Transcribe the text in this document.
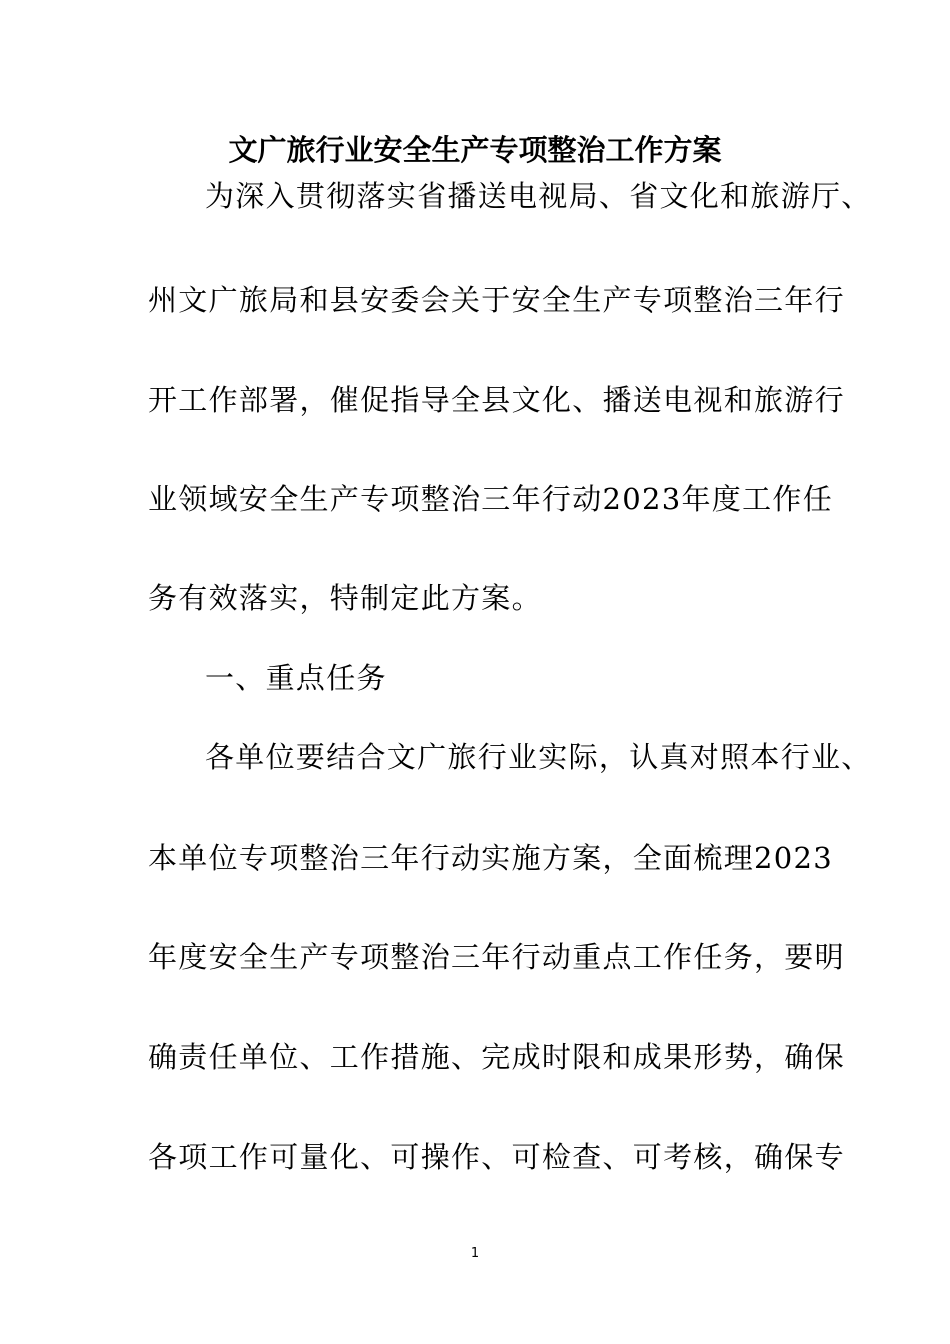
文广旅行业安全生产专项整治工作方案

为深入贯彻落实省播送电视局、省文化和旅游厅、

州文广旅局和县安委会关于安全生产专项整治三年行

开工作部署，催促指导全县文化、播送电视和旅游行

业领域安全生产专项整治三年行动2023年度工作任

务有效落实，特制定此方案。

一、重点任务

各单位要结合文广旅行业实际，认真对照本行业、

本单位专项整治三年行动实施方案，全面梳理2023

年度安全生产专项整治三年行动重点工作任务，要明

确责任单位、工作措施、完成时限和成果形势，确保

各项工作可量化、可操作、可检查、可考核，确保专

1
